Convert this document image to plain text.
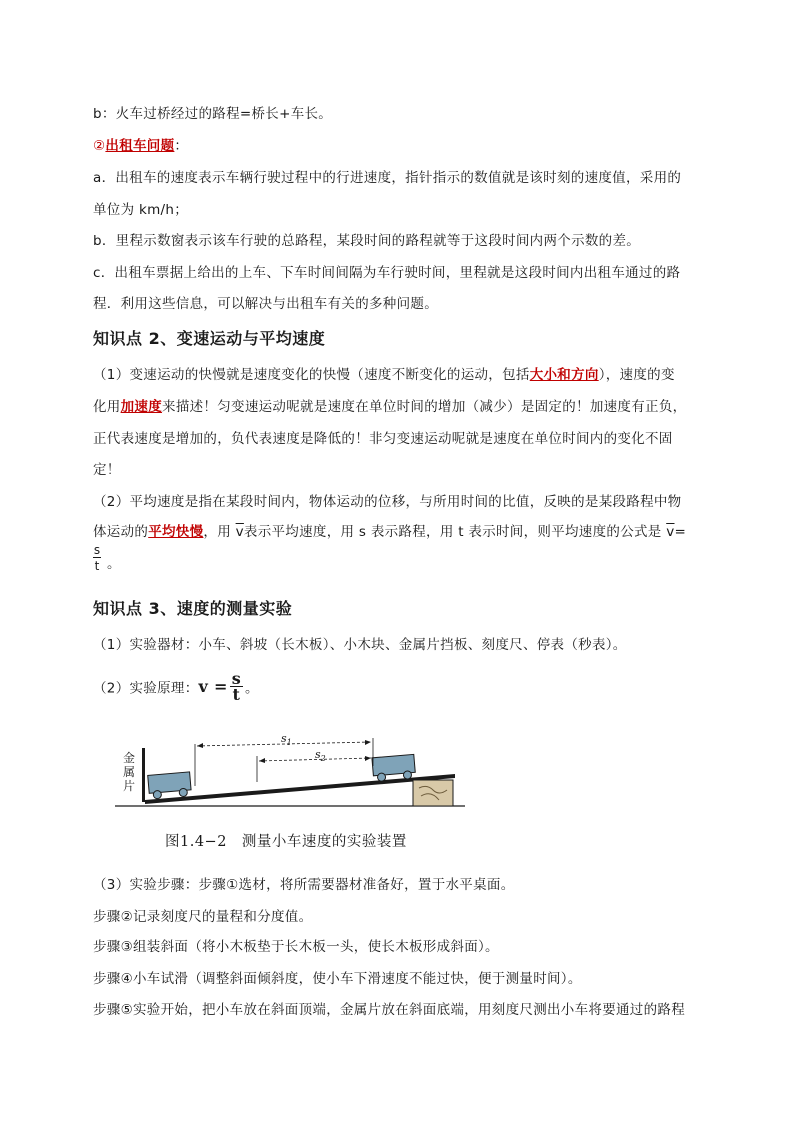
b：火车过桥经过的路程=桥长+车长。
②出租车问题：
a．出租车的速度表示车辆行驶过程中的行进速度，指针指示的数值就是该时刻的速度值，采用的
单位为 km/h；
b．里程示数窗表示该车行驶的总路程，某段时间的路程就等于这段时间内两个示数的差。
c．出租车票据上给出的上车、下车时间间隔为车行驶时间，里程就是这段时间内出租车通过的路
程．利用这些信息，可以解决与出租车有关的多种问题。
知识点 2、变速运动与平均速度
（1）变速运动的快慢就是速度变化的快慢（速度不断变化的运动，包括大小和方向），速度的变
化用加速度来描述！匀变速运动呢就是速度在单位时间的增加（减少）是固定的！加速度有正负，
正代表速度是增加的，负代表速度是降低的！非匀变速运动呢就是速度在单位时间内的变化不固
定！
（2）平均速度是指在某段时间内，物体运动的位移，与所用时间的比值，反映的是某段路程中物
体运动的平均快慢，用 $\overline{v}$表示平均速度，用 s 表示路程，用 t 表示时间，则平均速度的公式是 $\overline{v}=$
$\frac{s}{t}$ 。
知识点 3、速度的测量实验
（1）实验器材：小车、斜坡（长木板）、小木块、金属片挡板、刻度尺、停表（秒表）。
（2）实验原理：$v = \frac{s}{t}$ 。
金
属
片
$s_1$
$s_2$
图1.4−2　测量小车速度的实验装置
（3）实验步骤：步骤①选材，将所需要器材准备好，置于水平桌面。
步骤②记录刻度尺的量程和分度值。
步骤③组装斜面（将小木板垫于长木板一头，使长木板形成斜面）。
步骤④小车试滑（调整斜面倾斜度，使小车下滑速度不能过快，便于测量时间）。
步骤⑤实验开始，把小车放在斜面顶端，金属片放在斜面底端，用刻度尺测出小车将要通过的路程
